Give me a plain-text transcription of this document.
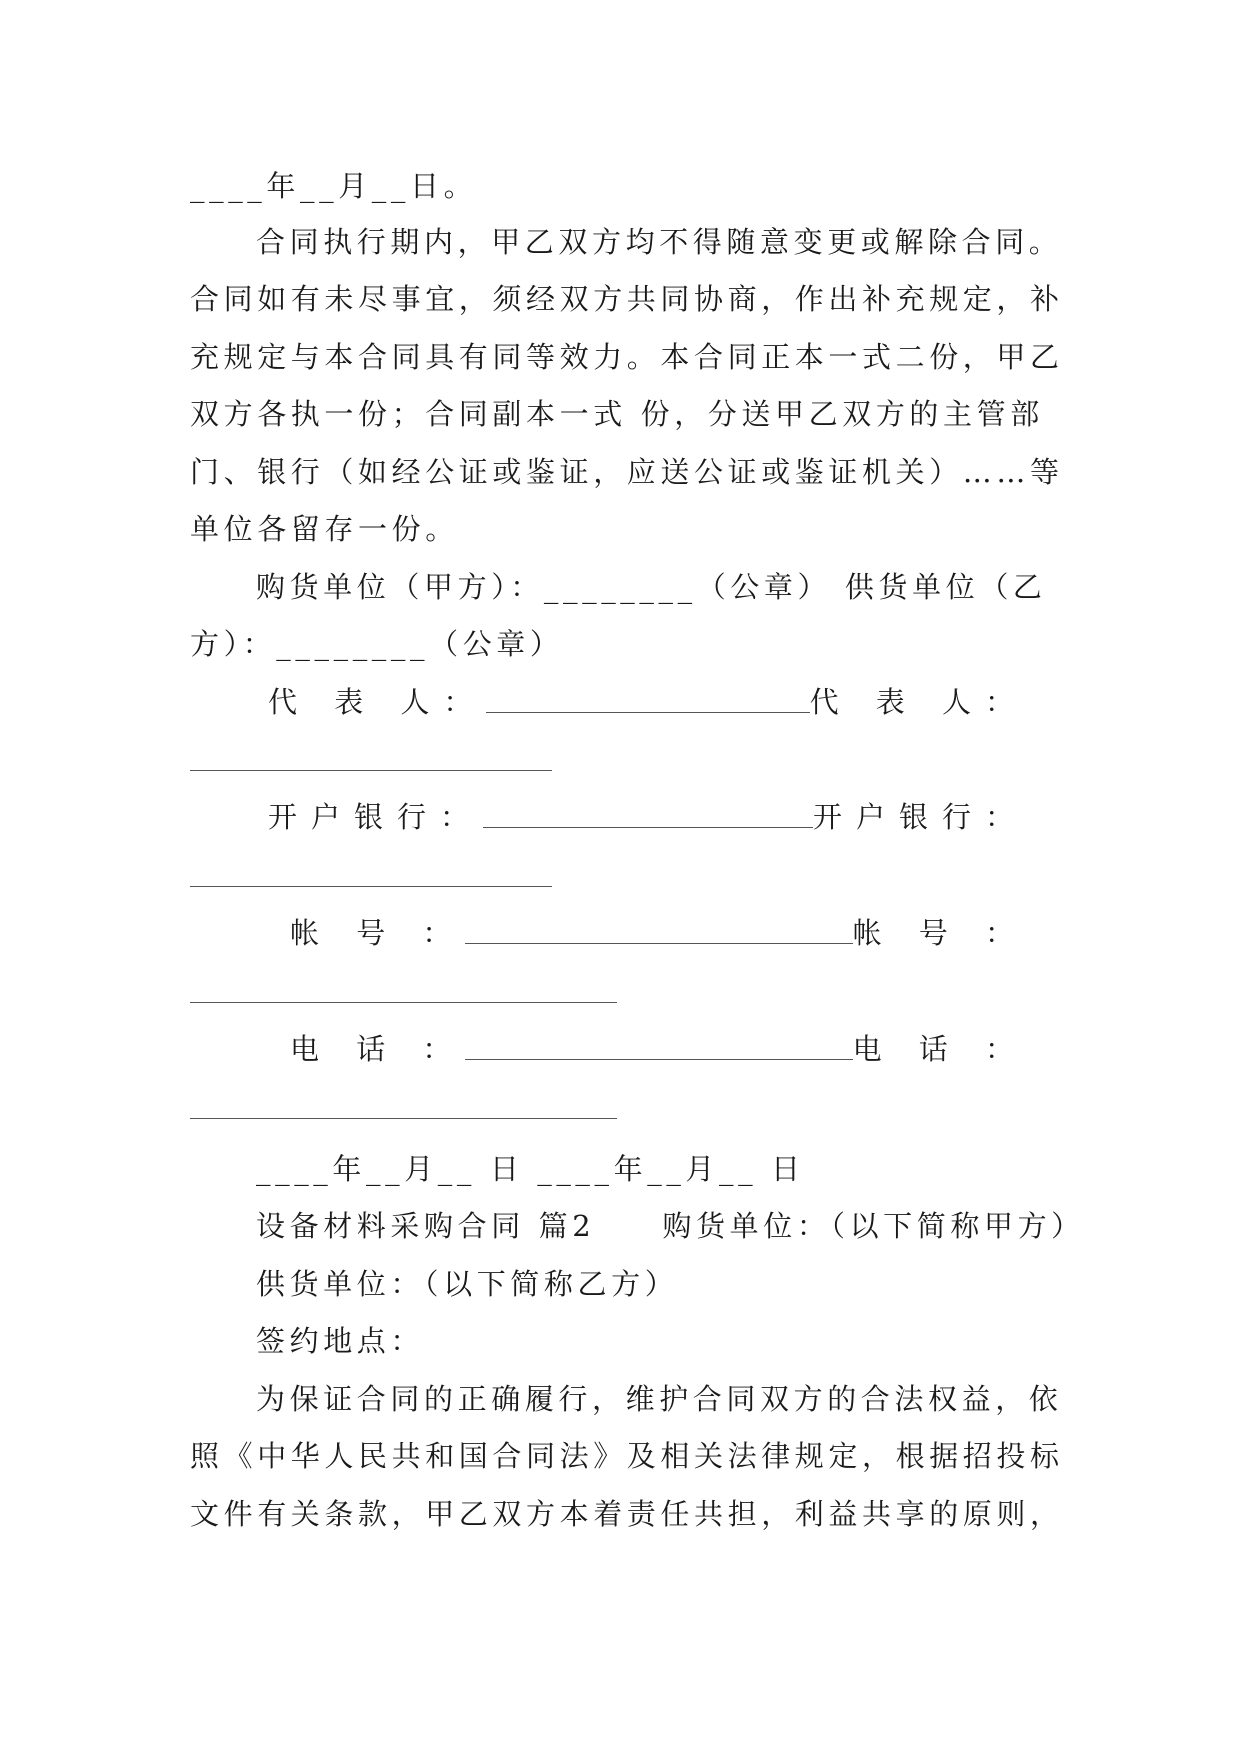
____年__月__日。
合同执行期内，甲乙双方均不得随意变更或解除合同。
合同如有未尽事宜，须经双方共同协商，作出补充规定，补
充规定与本合同具有同等效力。本合同正本一式二份，甲乙
双方各执一份；合同副本一式 份，分送甲乙双方的主管部
门、银行（如经公证或鉴证，应送公证或鉴证机关）……等
单位各留存一份。
购货单位（甲方）：________（公章） 供货单位（乙
方）：________（公章）
代 表 人：	代 表 人：
开户银行：	开户银行：
帐 号 ：	帐 号 ：
电 话 ：	电 话 ：
____年__月__ 日 ____年__月__ 日
设备材料采购合同 篇2　　购货单位：（以下简称甲方）
供货单位：（以下简称乙方）
签约地点：
为保证合同的正确履行，维护合同双方的合法权益，依
照《中华人民共和国合同法》及相关法律规定，根据招投标
文件有关条款，甲乙双方本着责任共担，利益共享的原则，
